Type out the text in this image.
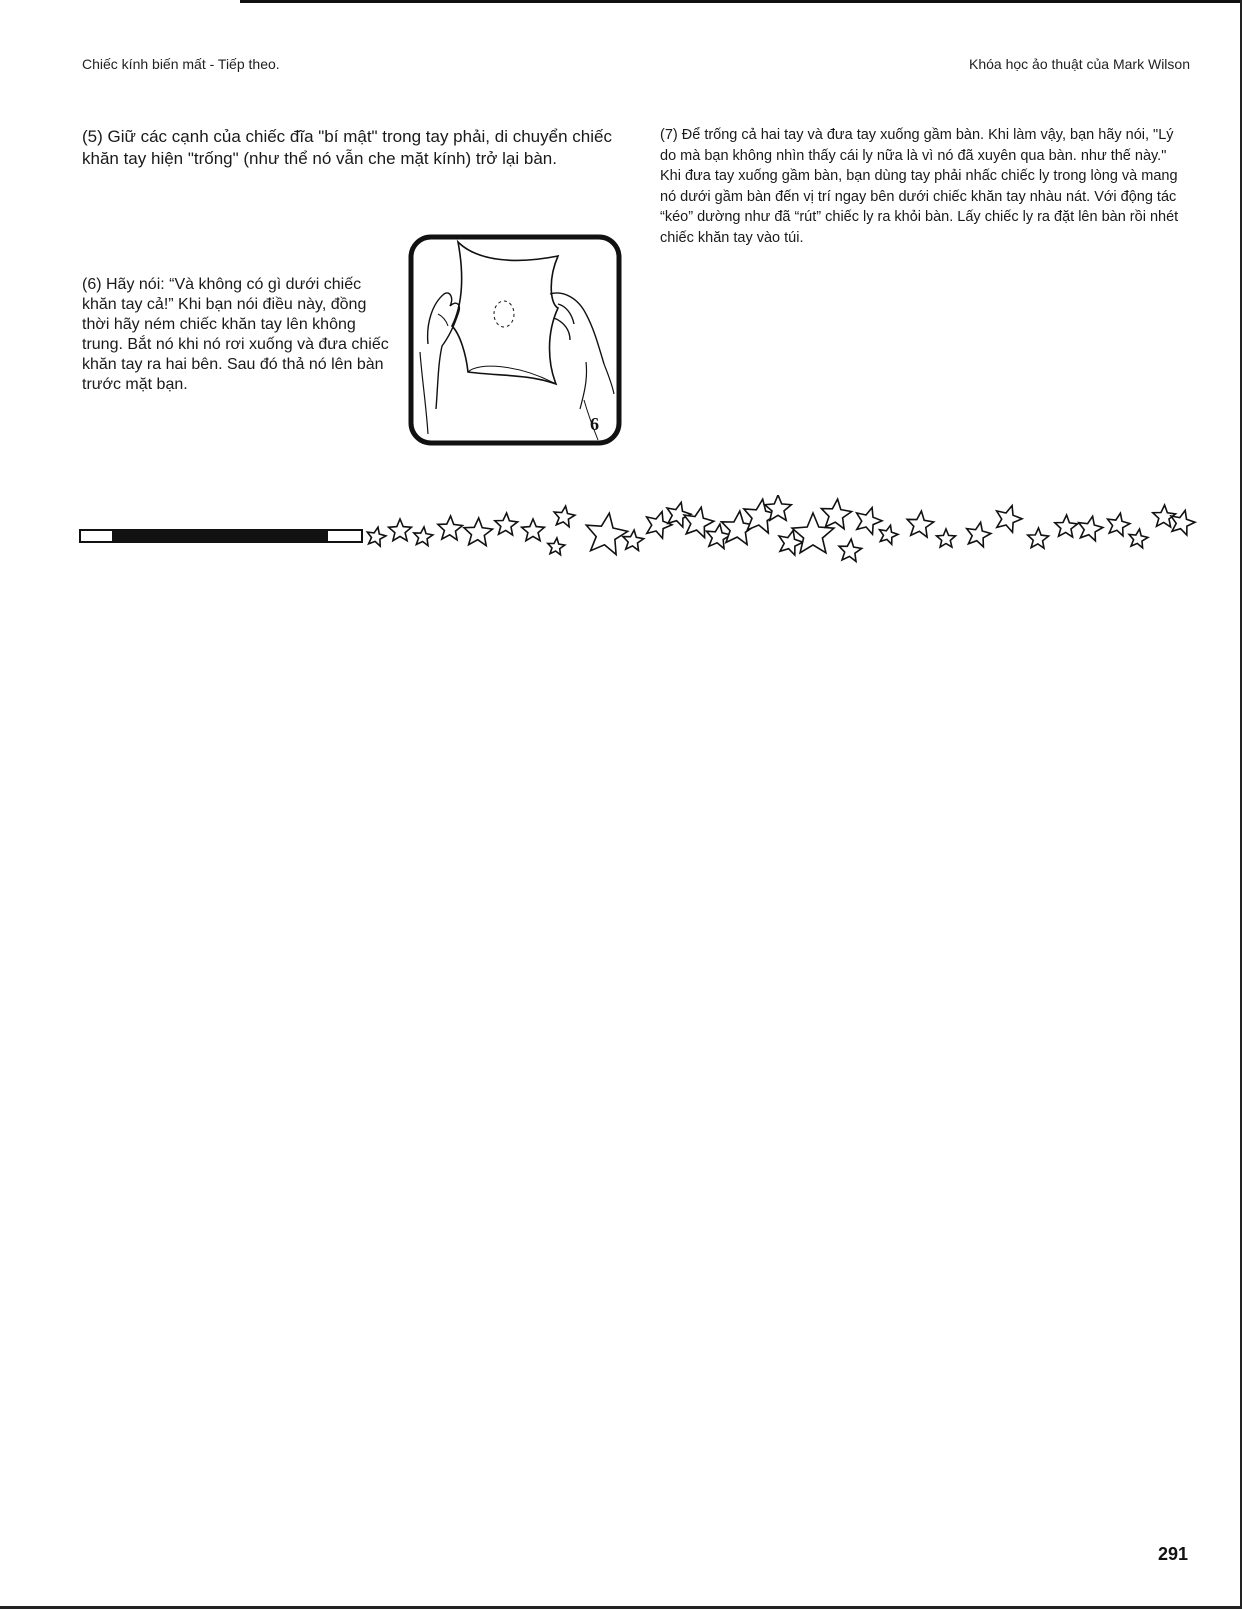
Chiếc kính biến mất - Tiếp theo.	Khóa học ảo thuật của Mark Wilson
(5) Giữ các cạnh của chiếc đĩa "bí mật" trong tay phải, di chuyển chiếc khăn tay hiện "trống" (như thể nó vẫn che mặt kính) trở lại bàn.
(6) Hãy nói: “Và không có gì dưới chiếc khăn tay cả!” Khi bạn nói điều này, đồng thời hãy ném chiếc khăn tay lên không trung. Bắt nó khi nó rơi xuống và đưa chiếc khăn tay ra hai bên. Sau đó thả nó lên bàn trước mặt bạn.
(7) Để trống cả hai tay và đưa tay xuống gầm bàn. Khi làm vậy, bạn hãy nói, "Lý do mà bạn không nhìn thấy cái ly nữa là vì nó đã xuyên qua bàn. như thế này." Khi đưa tay xuống gầm bàn, bạn dùng tay phải nhấc chiếc ly trong lòng và mang nó dưới gầm bàn đến vị trí ngay bên dưới chiếc khăn tay nhàu nát. Với động tác “kéo” dường như đã “rút” chiếc ly ra khỏi bàn. Lấy chiếc ly ra đặt lên bàn rồi nhét chiếc khăn tay vào túi.
6
291
